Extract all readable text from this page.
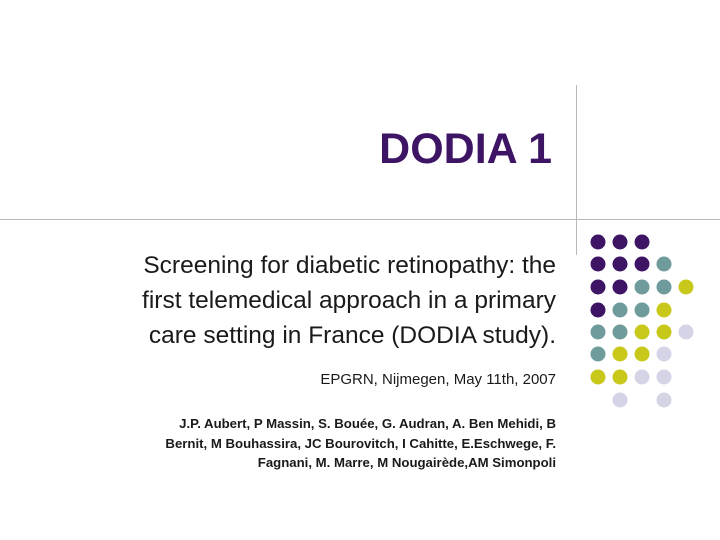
DODIA 1
Screening for diabetic retinopathy: the
first telemedical approach in a primary
care setting in France (DODIA study).
EPGRN, Nijmegen, May 11th, 2007
J.P. Aubert, P Massin, S. Bouée, G. Audran, A. Ben Mehidi, B
Bernit, M Bouhassira, JC Bourovitch, I Cahitte, E.Eschwege, F.
Fagnani, M. Marre, M Nougairède,AM Simonpoli
